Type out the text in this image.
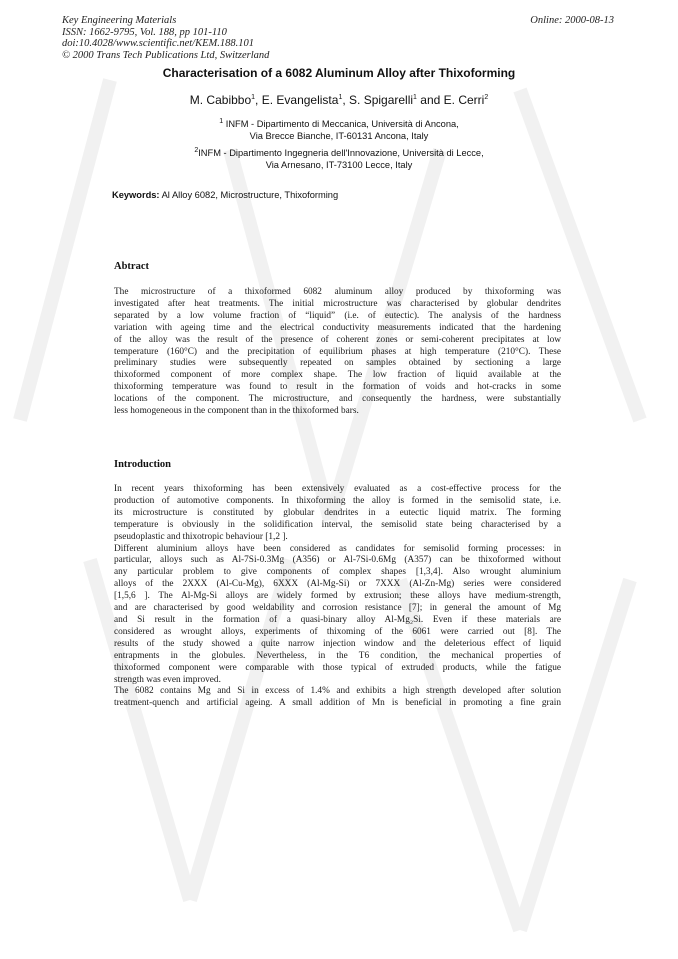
Key Engineering Materials
ISSN: 1662-9795, Vol. 188, pp 101-110
doi:10.4028/www.scientific.net/KEM.188.101
© 2000 Trans Tech Publications Ltd, Switzerland
Online: 2000-08-13
Characterisation of a 6082 Aluminum Alloy after Thixoforming
M. Cabibbo$^1$, E. Evangelista$^1$, S. Spigarelli$^1$ and E. Cerri$^2$
$^1$ INFM - Dipartimento di Meccanica, Università di Ancona,
Via Brecce Bianche, IT-60131 Ancona, Italy
$^2$INFM - Dipartimento Ingegneria dell'Innovazione, Università di Lecce,
Via Arnesano, IT-73100 Lecce, Italy
Keywords: Al Alloy 6082, Microstructure, Thixoforming
Abtract
The microstructure of a thixoformed 6082 aluminum alloy produced by thixoforming was
investigated after heat treatments. The initial microstructure was characterised by globular dendrites
separated by a low volume fraction of “liquid” (i.e. of eutectic). The analysis of the hardness
variation with ageing time and the electrical conductivity measurements indicated that the hardening
of the alloy was the result of the presence of coherent zones or semi-coherent precipitates at low
temperature (160°C) and the precipitation of equilibrium phases at high temperature (210°C). These
preliminary studies were subsequently repeated on samples obtained by sectioning a large
thixoformed component of more complex shape. The low fraction of liquid available at the
thixoforming temperature was found to result in the formation of voids and hot-cracks in some
locations of the component. The microstructure, and consequently the hardness, were substantially
less homogeneous in the component than in the thixoformed bars.
Introduction
In recent years thixoforming has been extensively evaluated as a cost-effective process for the
production of automotive components. In thixoforming the alloy is formed in the semisolid state, i.e.
its microstructure is constituted by globular dendrites in a eutectic liquid matrix. The forming
temperature is obviously in the solidification interval, the semisolid state being characterised by a
pseudoplastic and thixotropic behaviour [1,2 ].
Different aluminium alloys have been considered as candidates for semisolid forming processes: in
particular, alloys such as Al-7Si-0.3Mg (A356) or Al-7Si-0.6Mg (A357) can be thixoformed without
any particular problem to give components of complex shapes [1,3,4]. Also wrought aluminium
alloys of the 2XXX (Al-Cu-Mg), 6XXX (Al-Mg-Si) or 7XXX (Al-Zn-Mg) series were considered
[1,5,6 ]. The Al-Mg-Si alloys are widely formed by extrusion; these alloys have medium-strength,
and are characterised by good weldability and corrosion resistance [7]; in general the amount of Mg
and Si result in the formation of a quasi-binary alloy Al-Mg₂Si. Even if these materials are
considered as wrought alloys, experiments of thixoming of the 6061 were carried out [8]. The
results of the study showed a quite narrow injection window and the deleterious effect of liquid
entrapments in the globules. Nevertheless, in the T6 condition, the mechanical properties of
thixoformed component were comparable with those typical of extruded products, while the fatigue
strength was even improved.
The 6082 contains Mg and Si in excess of 1.4% and exhibits a high strength developed after solution
treatment-quench and artificial ageing. A small addition of Mn is beneficial in promoting a fine grain
